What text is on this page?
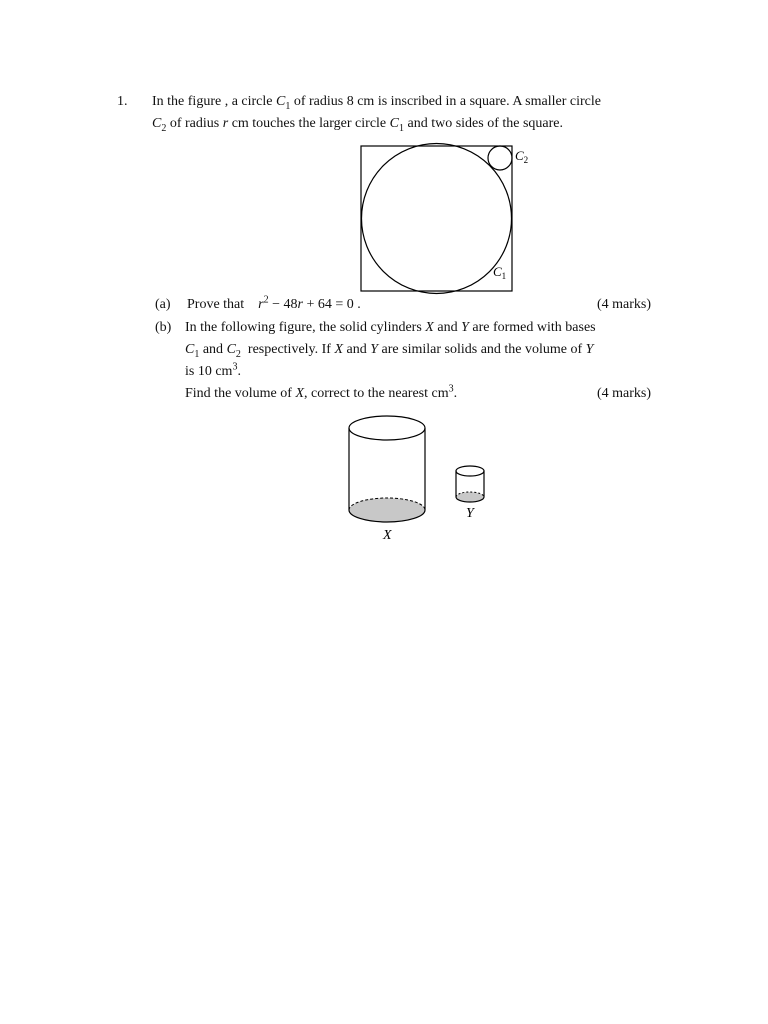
1. In the figure , a circle $C_1$ of radius 8 cm is inscribed in a square. A smaller circle
$C_2$ of radius r cm touches the larger circle $C_1$ and two sides of the square.
$C_2$
$C_1$
(a) Prove that $r^2 - 48r + 64 = 0$ .	(4 marks)
(b) In the following figure, the solid cylinders X and Y are formed with bases
$C_1$ and $C_2$  respectively. If X and Y are similar solids and the volume of Y
is 10 $cm^3$.
Find the volume of X, correct to the nearest $cm^3$.	(4 marks)
X
Y
